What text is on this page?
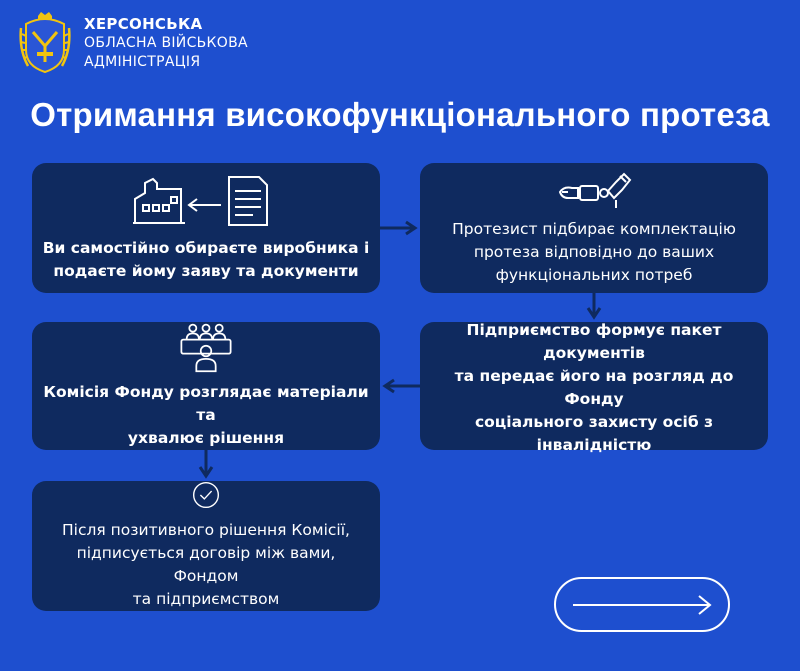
ХЕРСОНСЬКА
ОБЛАСНА ВІЙСЬКОВА
АДМІНІСТРАЦІЯ
Отримання високофункціонального протеза
Ви самостійно обираєте виробника і
подаєте йому заяву та документи
Протезист підбирає комплектацію
протеза відповідно до ваших
функціональних потреб
Комісія Фонду розглядає матеріали та
ухвалює рішення
Підприємство формує пакет документів
та передає його на розгляд до Фонду
соціального захисту осіб з інвалідністю
Після позитивного рішення Комісії,
підписується договір між вами, Фондом
та підприємством
